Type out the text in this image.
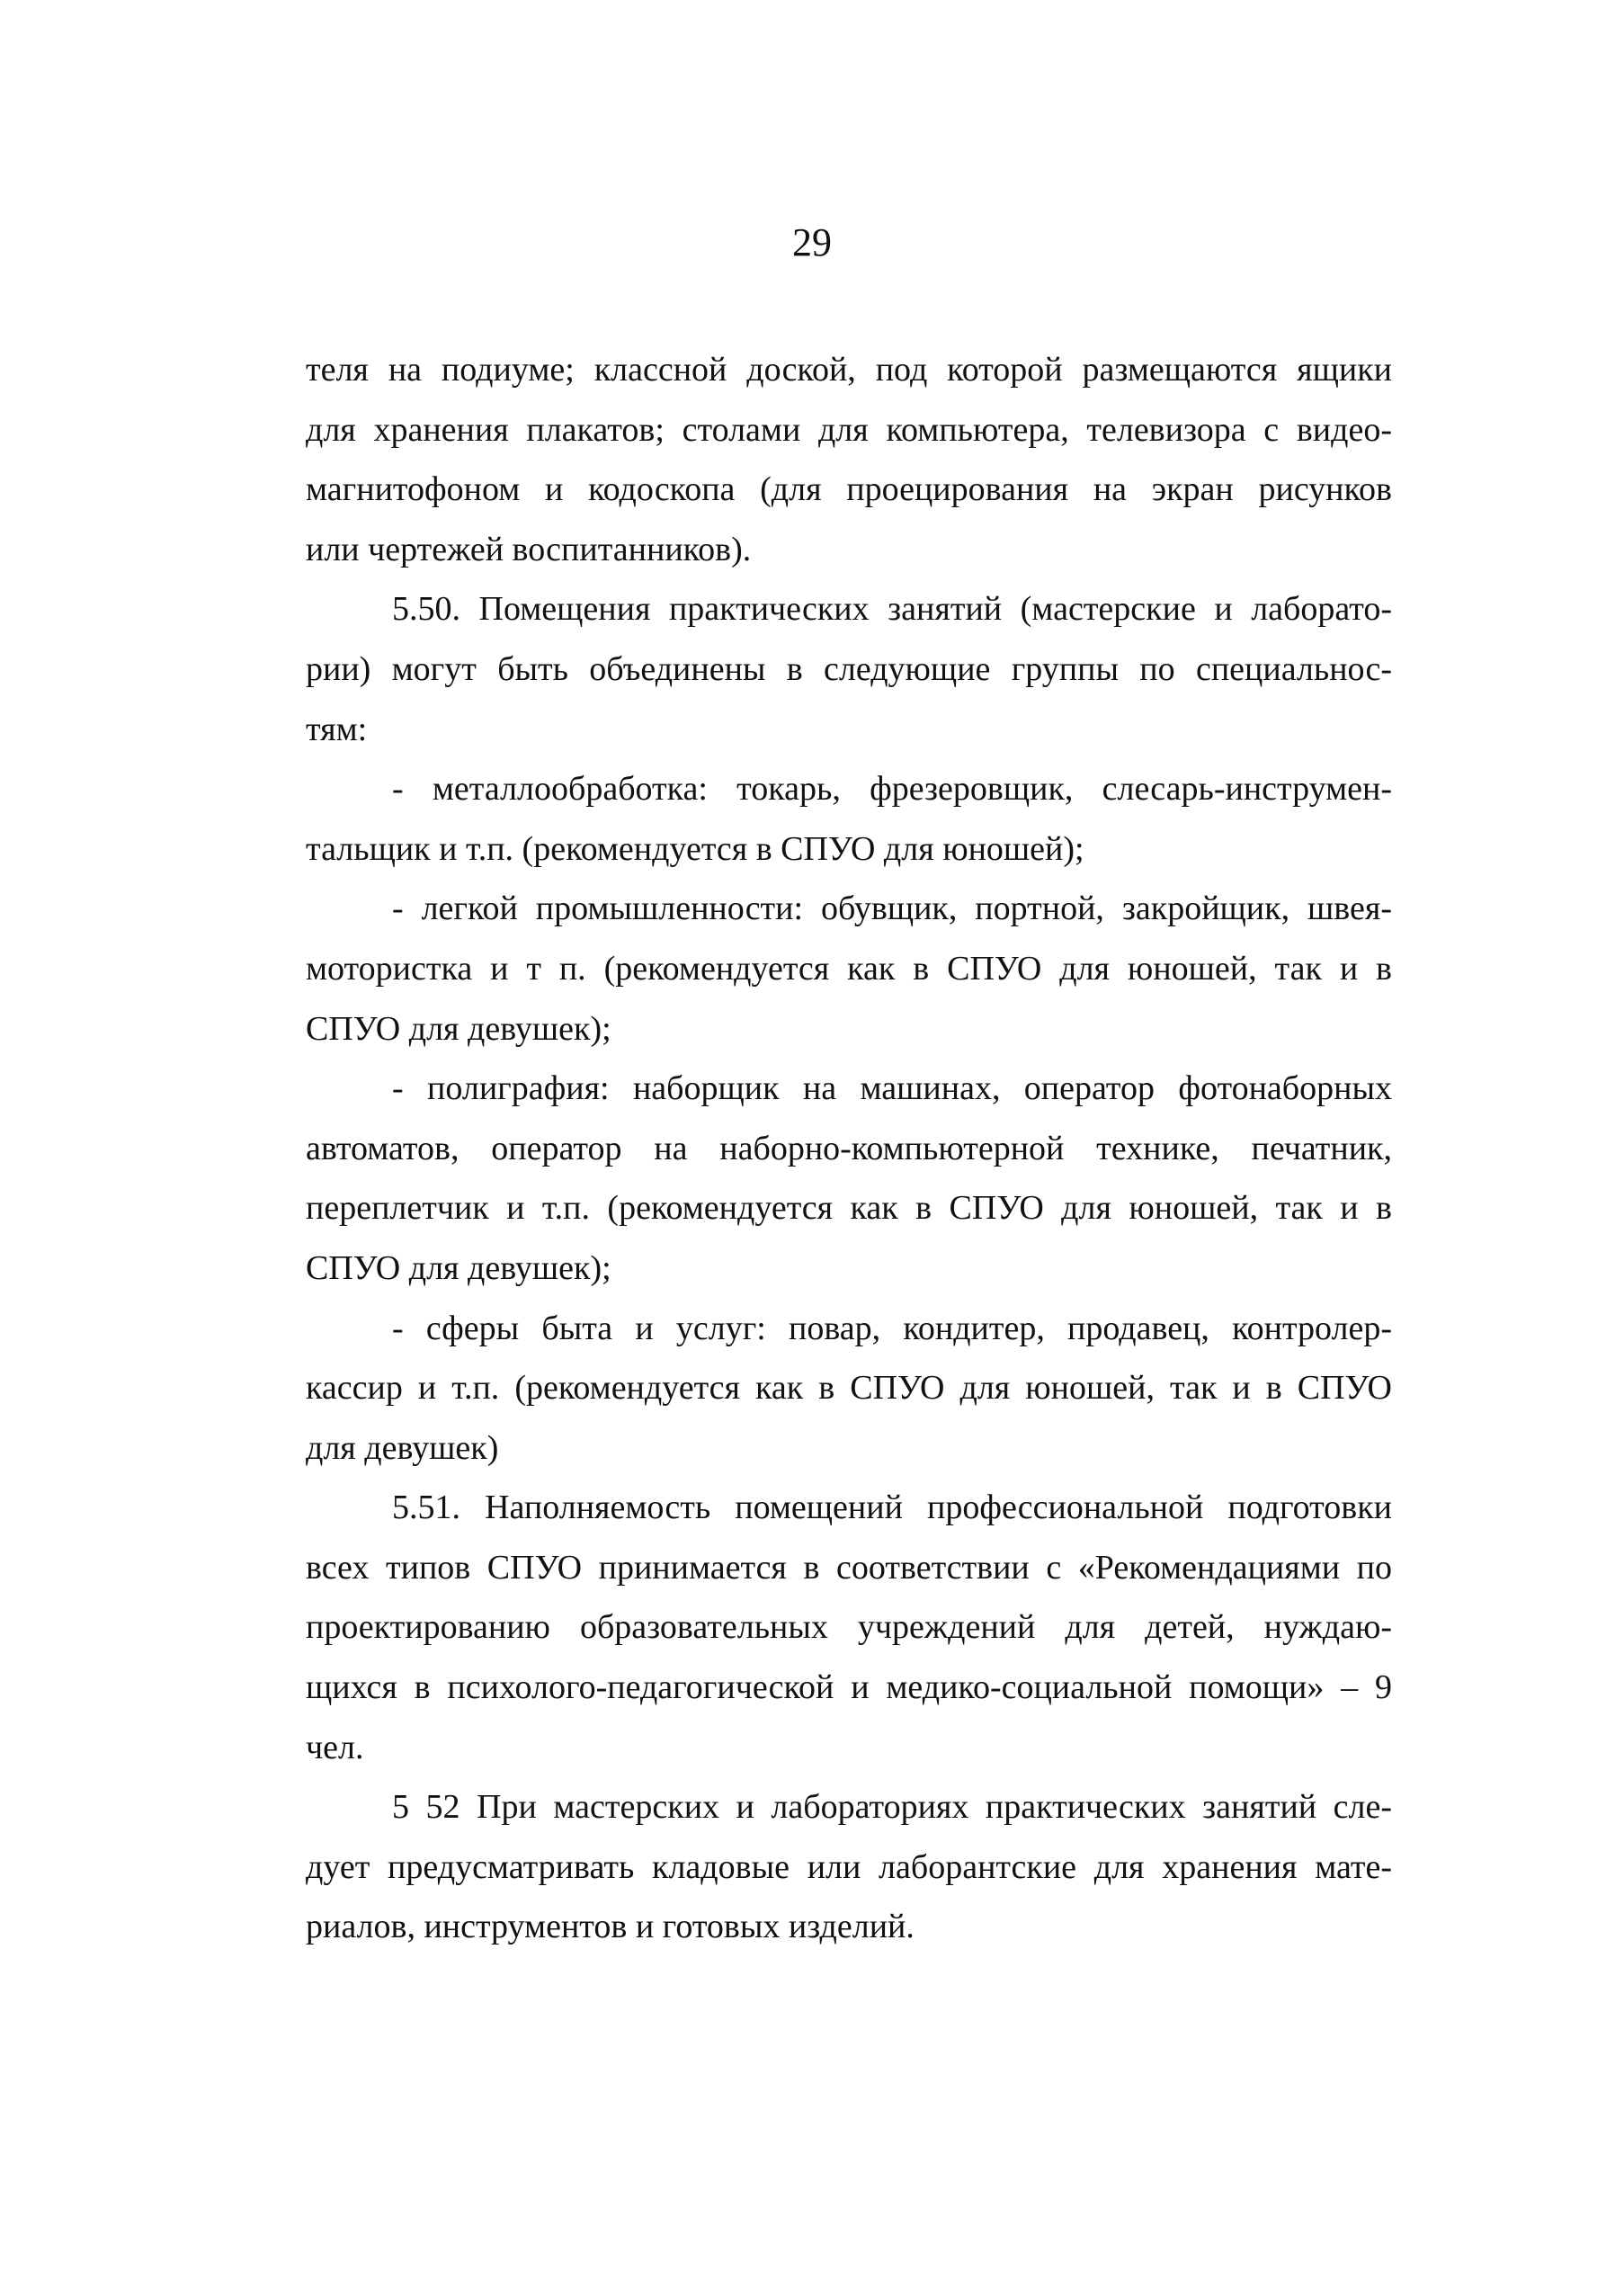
29
теля на подиуме; классной доской, под которой размещаются ящики
для хранения плакатов; столами для компьютера, телевизора с видео-
магнитофоном и кодоскопа (для проецирования на экран рисунков
или чертежей воспитанников).
5.50. Помещения практических занятий (мастерские и лаборато-
рии) могут быть объединены в следующие группы по специальнос-
тям:
- металлообработка: токарь, фрезеровщик, слесарь-инструмен-
тальщик и т.п. (рекомендуется в СПУО для юношей);
- легкой промышленности: обувщик, портной, закройщик, швея-
мотористка и т п. (рекомендуется как в СПУО для юношей, так и в
СПУО для девушек);
- полиграфия: наборщик на машинах, оператор фотонаборных
автоматов, оператор на наборно-компьютерной технике, печатник,
переплетчик и т.п. (рекомендуется как в СПУО для юношей, так и в
СПУО для девушек);
- сферы быта и услуг: повар, кондитер, продавец, контролер-
кассир и т.п. (рекомендуется как в СПУО для юношей, так и в СПУО
для девушек)
5.51. Наполняемость помещений профессиональной подготовки
всех типов СПУО принимается в соответствии с «Рекомендациями по
проектированию образовательных учреждений для детей, нуждаю-
щихся в психолого-педагогической и медико-социальной помощи» – 9
чел.
5 52 При мастерских и лабораториях практических занятий сле-
дует предусматривать кладовые или лаборантские для хранения мате-
риалов, инструментов и готовых изделий.
